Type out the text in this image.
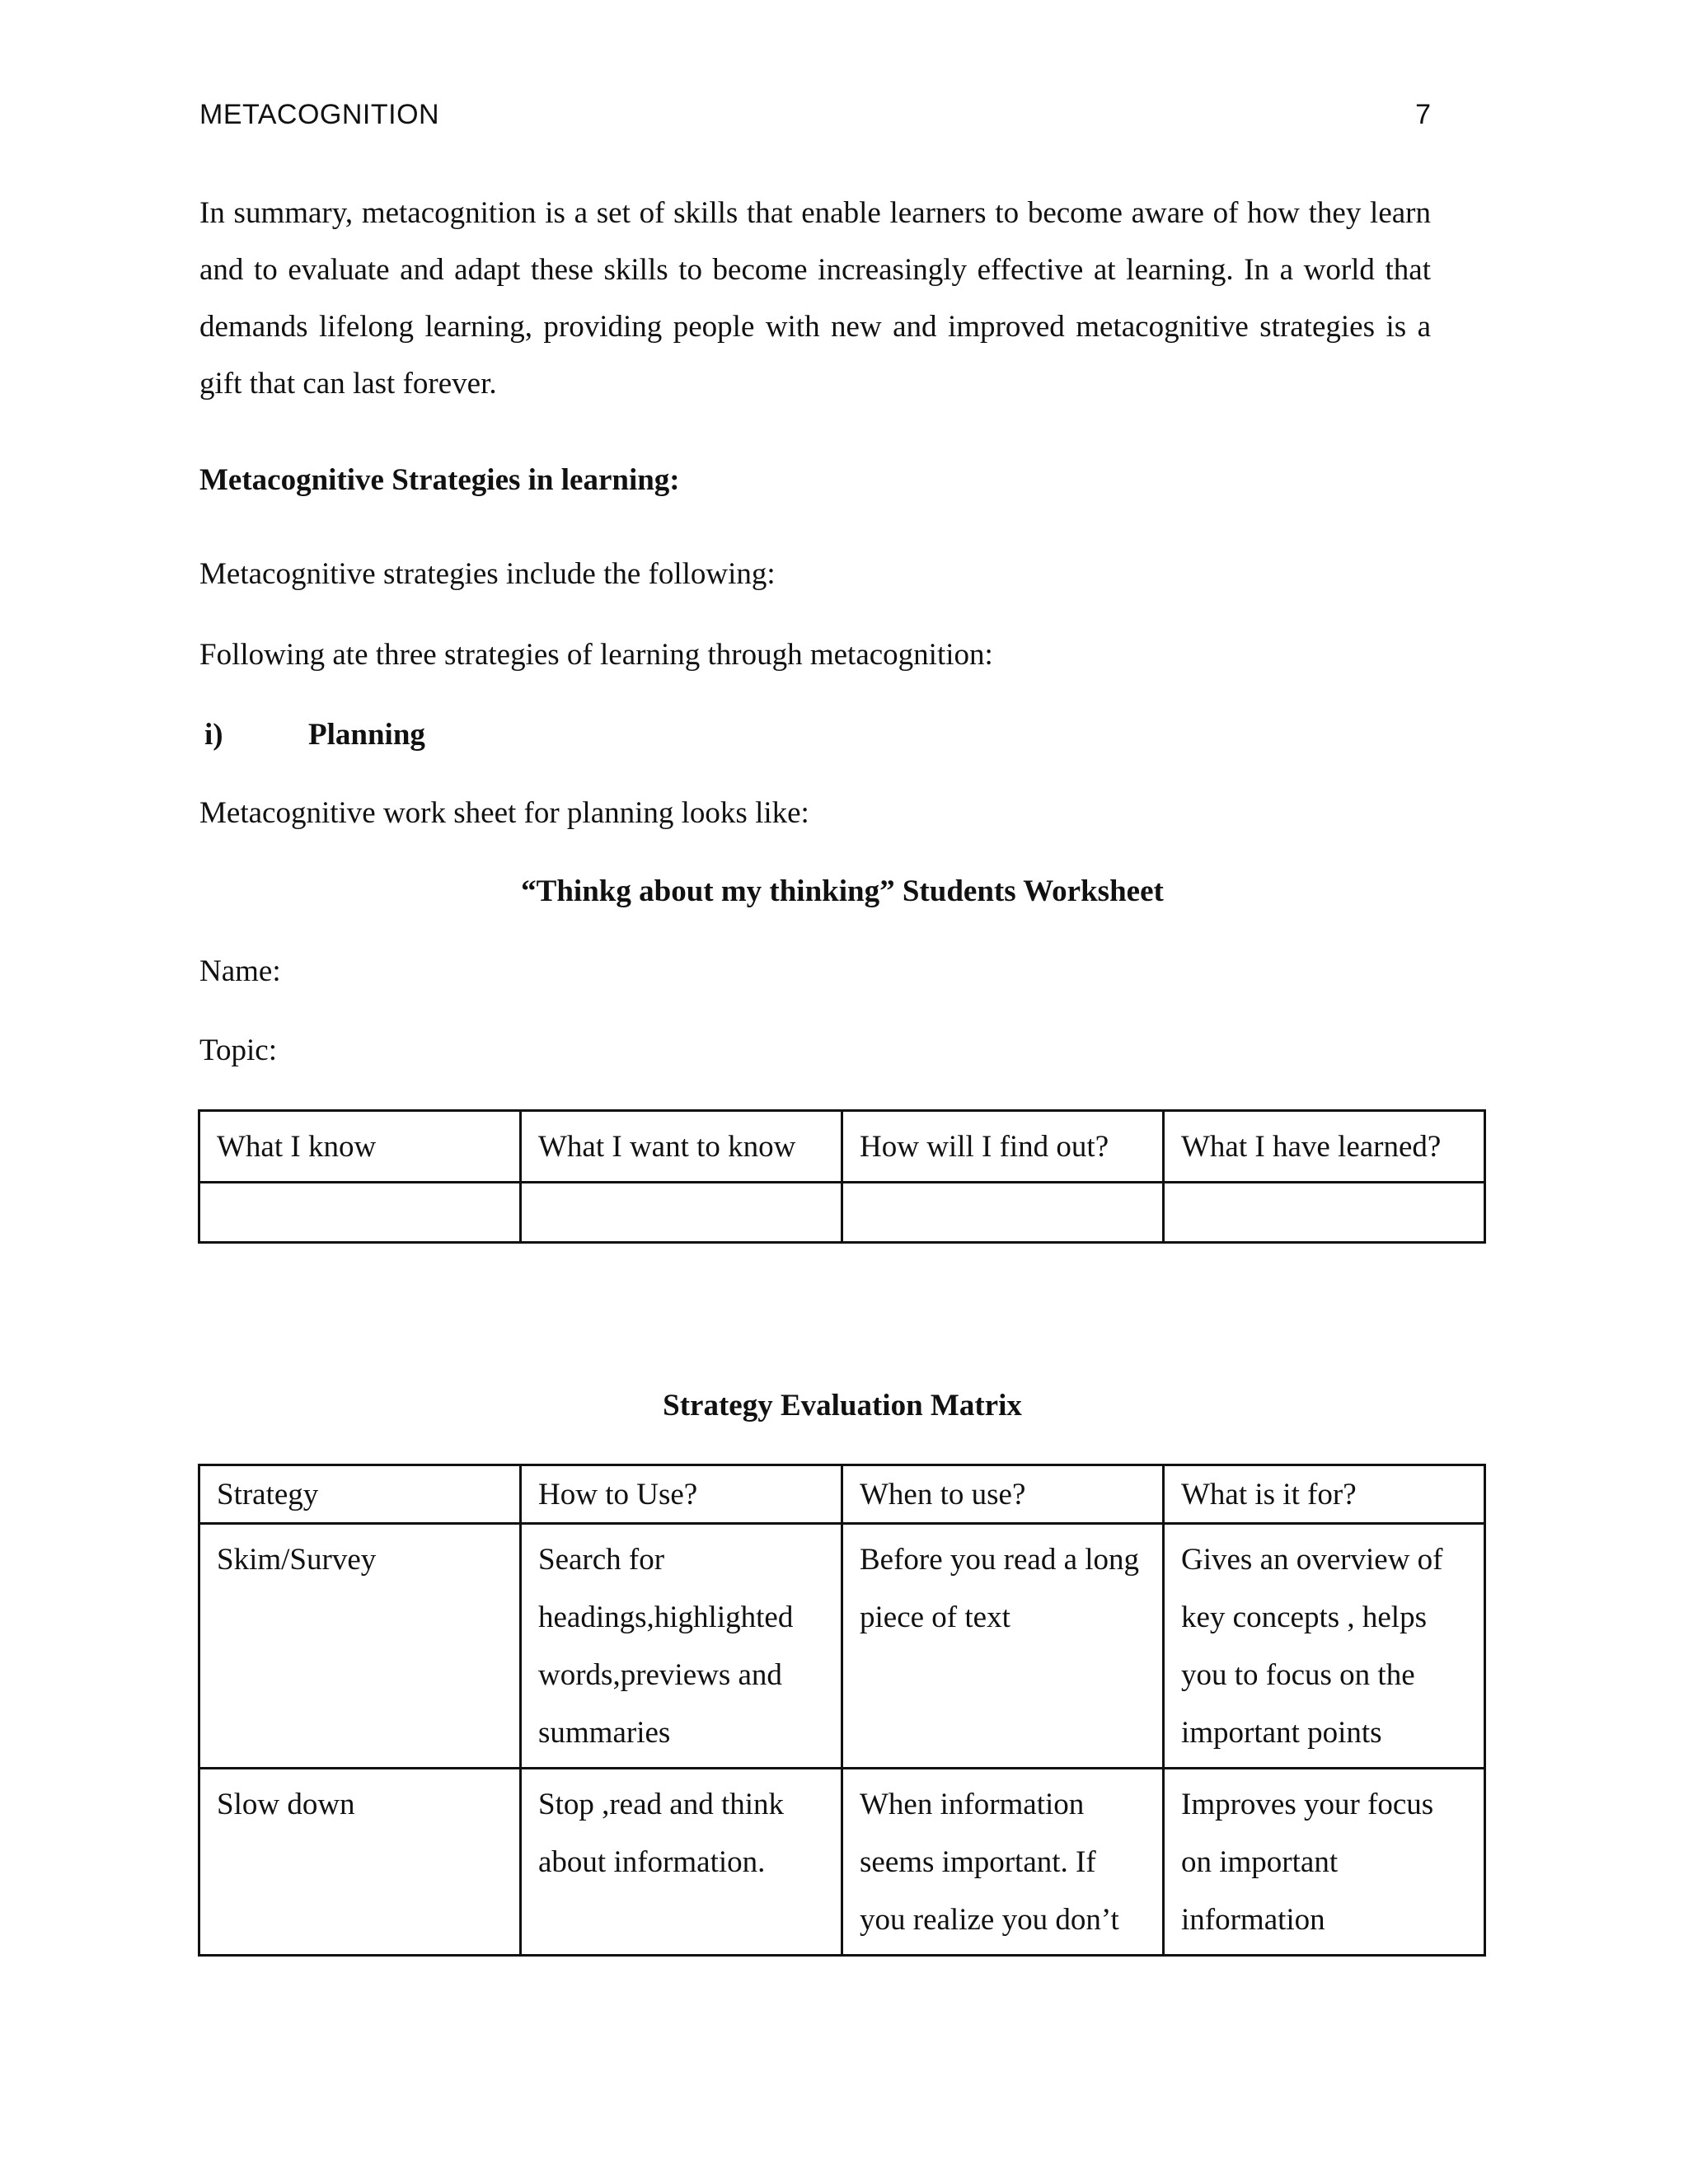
METACOGNITION	7
In summary, metacognition is a set of skills that enable learners to become aware of how they learn and to evaluate and adapt these skills to become increasingly effective at learning. In a world that demands lifelong learning, providing people with new and improved metacognitive strategies is a gift that can last forever.
Metacognitive Strategies in learning:
Metacognitive strategies include the following:
Following ate three strategies of learning through metacognition:
i)	Planning
Metacognitive work sheet for planning looks like:
“Thinkg about my thinking” Students Worksheet
Name:
Topic:
What I know	What I want to know	How will I find out?	What I have learned?

Strategy Evaluation Matrix
Strategy	How to Use?	When to use?	What is it for?
Skim/Survey	Search for headings,highlighted words,previews and summaries	Before you read a long piece of text	Gives an overview of key concepts , helps you to focus on the important points
Slow down	Stop ,read and think about information.	When information seems important. If you realize you don’t	Improves your focus on important information
